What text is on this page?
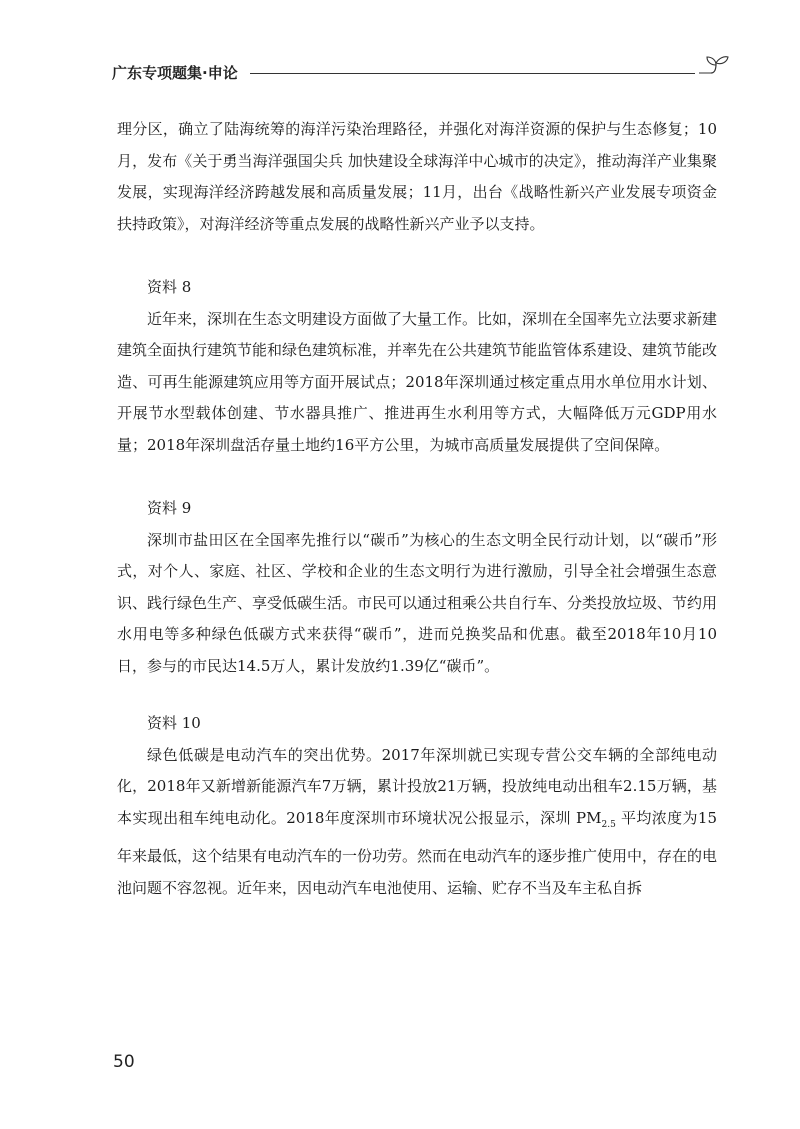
广东专项题集·申论

理分区，确立了陆海统筹的海洋污染治理路径，并强化对海洋资源的保护与生态修复；10月，发布《关于勇当海洋强国尖兵 加快建设全球海洋中心城市的决定》，推动海洋产业集聚发展，实现海洋经济跨越发展和高质量发展；11月，出台《战略性新兴产业发展专项资金扶持政策》，对海洋经济等重点发展的战略性新兴产业予以支持。

资料 8

近年来，深圳在生态文明建设方面做了大量工作。比如，深圳在全国率先立法要求新建建筑全面执行建筑节能和绿色建筑标准，并率先在公共建筑节能监管体系建设、建筑节能改造、可再生能源建筑应用等方面开展试点；2018年深圳通过核定重点用水单位用水计划、开展节水型载体创建、节水器具推广、推进再生水利用等方式，大幅降低万元GDP用水量；2018年深圳盘活存量土地约16平方公里，为城市高质量发展提供了空间保障。

资料 9

深圳市盐田区在全国率先推行以“碳币”为核心的生态文明全民行动计划，以“碳币”形式，对个人、家庭、社区、学校和企业的生态文明行为进行激励，引导全社会增强生态意识、践行绿色生产、享受低碳生活。市民可以通过租乘公共自行车、分类投放垃圾、节约用水用电等多种绿色低碳方式来获得“碳币”，进而兑换奖品和优惠。截至2018年10月10日，参与的市民达14.5万人，累计发放约1.39亿“碳币”。

资料 10

绿色低碳是电动汽车的突出优势。2017年深圳就已实现专营公交车辆的全部纯电动化，2018年又新增新能源汽车7万辆，累计投放21万辆，投放纯电动出租车2.15万辆，基本实现出租车纯电动化。2018年度深圳市环境状况公报显示，深圳 $PM_{2.5}$ 平均浓度为15年来最低，这个结果有电动汽车的一份功劳。然而在电动汽车的逐步推广使用中，存在的电池问题不容忽视。近年来，因电动汽车电池使用、运输、贮存不当及车主私自拆

50
